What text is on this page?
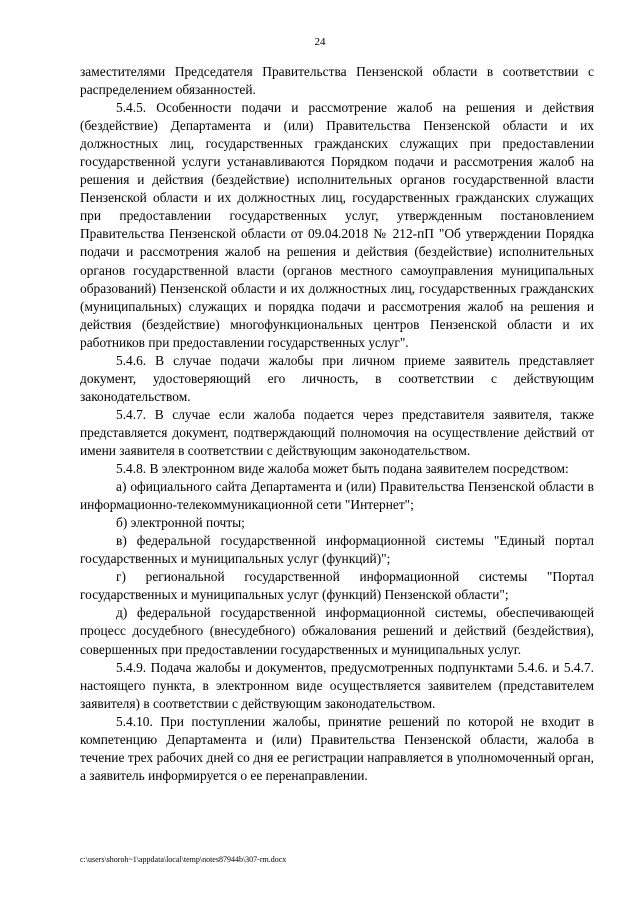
24

заместителями Председателя Правительства Пензенской области в соответствии с распределением обязанностей.

5.4.5. Особенности подачи и рассмотрение жалоб на решения и действия (бездействие) Департамента и (или) Правительства Пензенской области и их должностных лиц, государственных гражданских служащих при предоставлении государственной услуги устанавливаются Порядком подачи и рассмотрения жалоб на решения и действия (бездействие) исполнительных органов государственной власти Пензенской области и их должностных лиц, государственных гражданских служащих при предоставлении государственных услуг, утвержденным постановлением Правительства Пензенской области от 09.04.2018 № 212-пП "Об утверждении Порядка подачи и рассмотрения жалоб на решения и действия (бездействие) исполнительных органов государственной власти (органов местного самоуправления муниципальных образований) Пензенской области и их должностных лиц, государственных гражданских (муниципальных) служащих и порядка подачи и рассмотрения жалоб на решения и действия (бездействие) многофункциональных центров Пензенской области и их работников при предоставлении государственных услуг".

5.4.6. В случае подачи жалобы при личном приеме заявитель представляет документ, удостоверяющий его личность, в соответствии с действующим законодательством.

5.4.7. В случае если жалоба подается через представителя заявителя, также представляется документ, подтверждающий полномочия на осуществление действий от имени заявителя в соответствии с действующим законодательством.

5.4.8. В электронном виде жалоба может быть подана заявителем посредством:

а) официального сайта Департамента и (или) Правительства Пензенской области в информационно-телекоммуникационной сети "Интернет";

б) электронной почты;

в) федеральной государственной информационной системы "Единый портал государственных и муниципальных услуг (функций)";

г) региональной государственной информационной системы "Портал государственных и муниципальных услуг (функций) Пензенской области";

д) федеральной государственной информационной системы, обеспечивающей процесс досудебного (внесудебного) обжалования решений и действий (бездействия), совершенных при предоставлении государственных и муниципальных услуг.

5.4.9. Подача жалобы и документов, предусмотренных подпунктами 5.4.6. и 5.4.7. настоящего пункта, в электронном виде осуществляется заявителем (представителем заявителя) в соответствии с действующим законодательством.

5.4.10. При поступлении жалобы, принятие решений по которой не входит в компетенцию Департамента и (или) Правительства Пензенской области, жалоба в течение трех рабочих дней со дня ее регистрации направляется в уполномоченный орган, а заявитель информируется о ее перенаправлении.

c:\users\shoroh~1\appdata\local\temp\notes87944b\307-rm.docx
